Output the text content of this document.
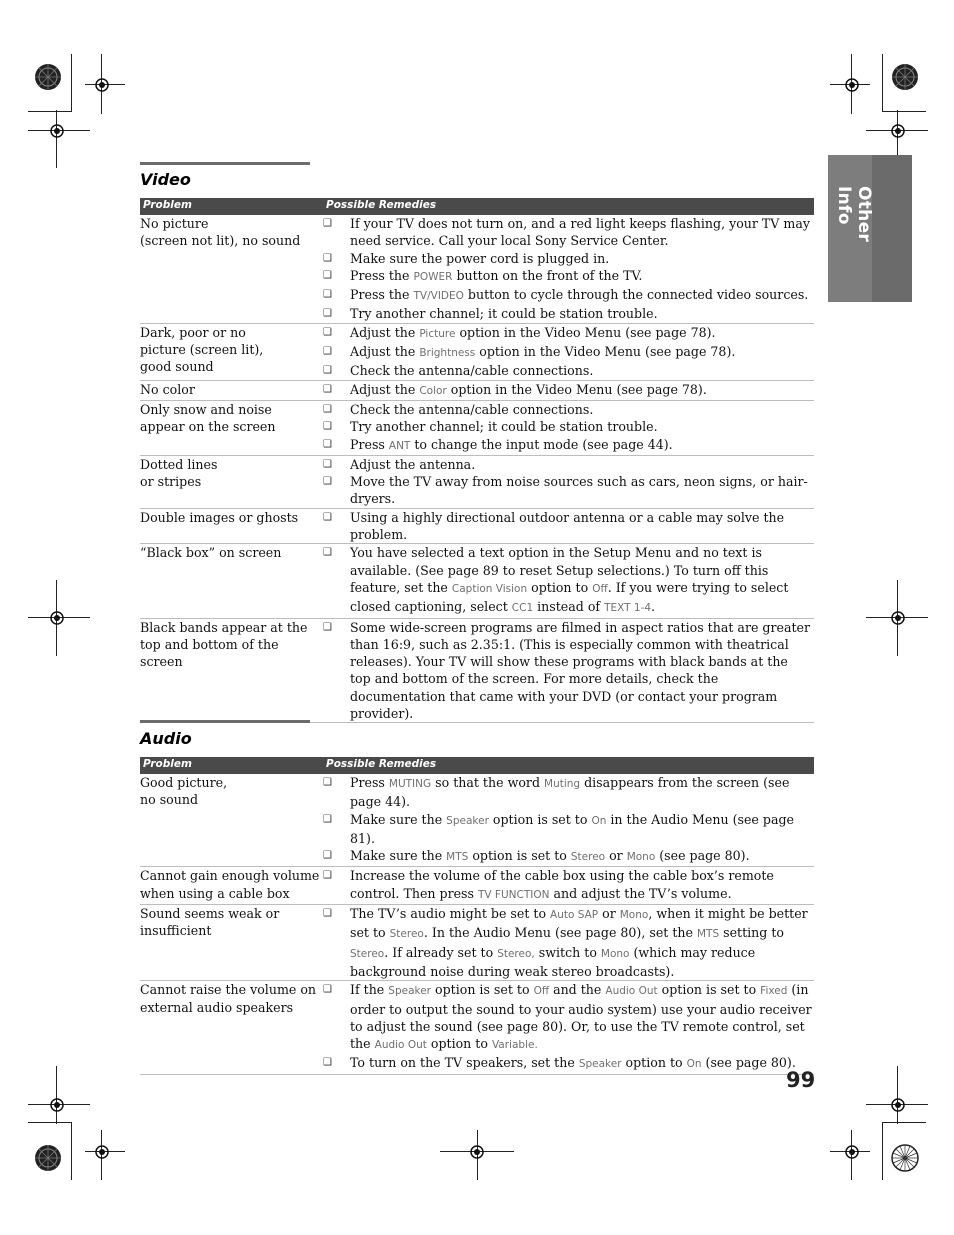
Other Info
Video
Problem	Possible Remedies
No picture
(screen not lit), no sound
❑	If your TV does not turn on, and a red light keeps flashing, your TV may need service. Call your local Sony Service Center.
❑	Make sure the power cord is plugged in.
❑	Press the POWER button on the front of the TV.
❑	Press the TV/VIDEO button to cycle through the connected video sources.
❑	Try another channel; it could be station trouble.
Dark, poor or no
picture (screen lit),
good sound
❑	Adjust the Picture option in the Video Menu (see page 78).
❑	Adjust the Brightness option in the Video Menu (see page 78).
❑	Check the antenna/cable connections.
No color	❑	Adjust the Color option in the Video Menu (see page 78).
Only snow and noise
appear on the screen
❑	Check the antenna/cable connections.
❑	Try another channel; it could be station trouble.
❑	Press ANT to change the input mode (see page 44).
Dotted lines
or stripes
❑	Adjust the antenna.
❑	Move the TV away from noise sources such as cars, neon signs, or hair-dryers.
Double images or ghosts	❑	Using a highly directional outdoor antenna or a cable may solve the problem.
“Black box” on screen	❑	You have selected a text option in the Setup Menu and no text is available. (See page 89 to reset Setup selections.) To turn off this feature, set the Caption Vision option to Off. If you were trying to select closed captioning, select CC1 instead of TEXT 1-4.
Black bands appear at the
top and bottom of the screen
❑	Some wide-screen programs are filmed in aspect ratios that are greater than 16:9, such as 2.35:1. (This is especially common with theatrical releases). Your TV will show these programs with black bands at the top and bottom of the screen. For more details, check the documentation that came with your DVD (or contact your program provider).
Audio
Problem	Possible Remedies
Good picture,
no sound
❑	Press MUTING so that the word Muting disappears from the screen (see page 44).
❑	Make sure the Speaker option is set to On in the Audio Menu (see page 81).
❑	Make sure the MTS option is set to Stereo or Mono (see page 80).
Cannot gain enough volume
when using a cable box
❑	Increase the volume of the cable box using the cable box’s remote control. Then press TV FUNCTION and adjust the TV’s volume.
Sound seems weak or
insufficient
❑	The TV’s audio might be set to Auto SAP or Mono, when it might be better set to Stereo. In the Audio Menu (see page 80), set the MTS setting to Stereo. If already set to Stereo, switch to Mono (which may reduce background noise during weak stereo broadcasts).
Cannot raise the volume on
external audio speakers
❑	If the Speaker option is set to Off and the Audio Out option is set to Fixed (in order to output the sound to your audio system) use your audio receiver to adjust the sound (see page 80). Or, to use the TV remote control, set the Audio Out option to Variable.
❑	To turn on the TV speakers, set the Speaker option to On (see page 80).
99
